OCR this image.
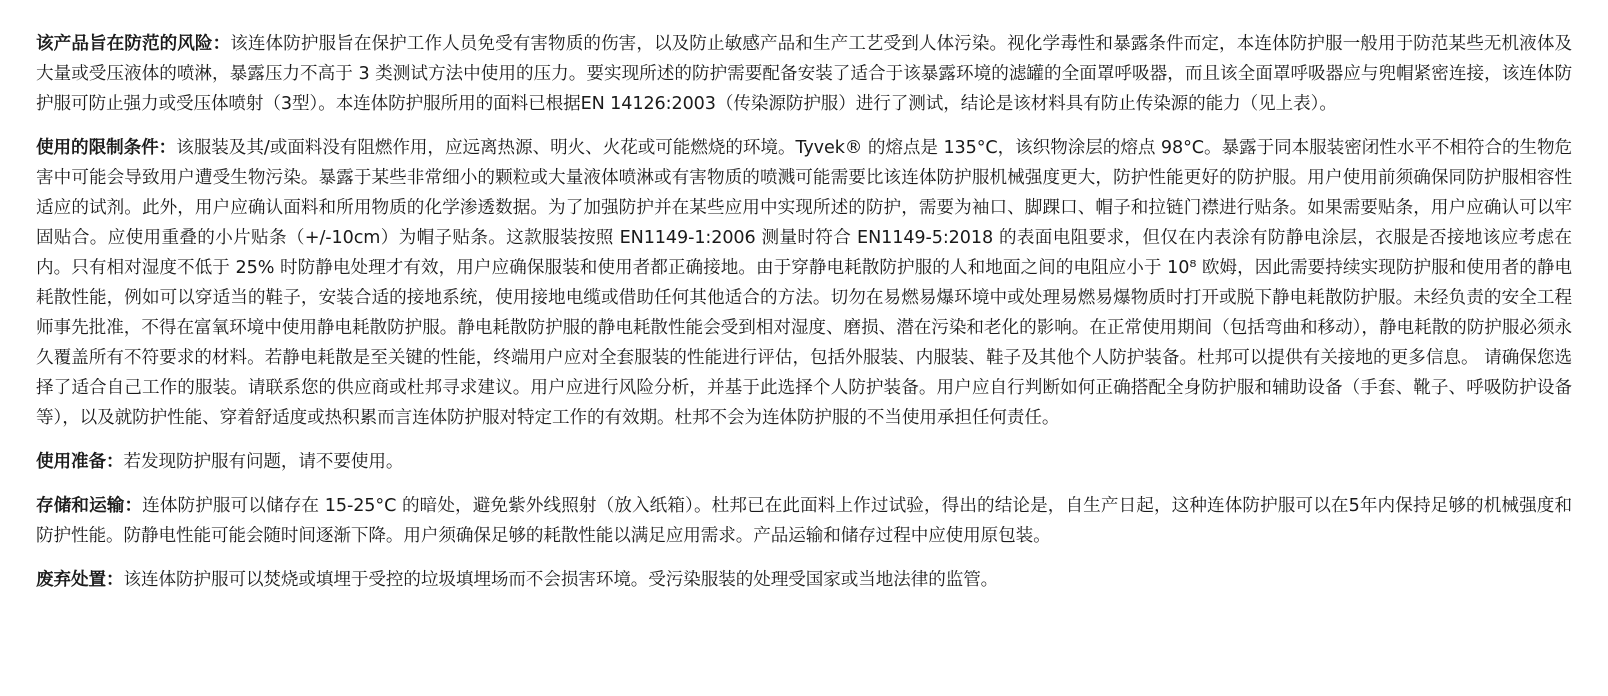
该产品旨在防范的风险：该连体防护服旨在保护工作人员免受有害物质的伤害，以及防止敏感产品和生产工艺受到人体污染。视化学毒性和暴露条件而定，本连体防护服一般用于防范某些无机液体及大量或受压液体的喷淋，暴露压力不高于 3 类测试方法中使用的压力。要实现所述的防护需要配备安装了适合于该暴露环境的滤罐的全面罩呼吸器，而且该全面罩呼吸器应与兜帽紧密连接，该连体防护服可防止强力或受压体喷射（3型）。本连体防护服所用的面料已根据EN 14126:2003（传染源防护服）进行了测试，结论是该材料具有防止传染源的能力（见上表）。

使用的限制条件：该服装及其/或面料没有阻燃作用，应远离热源、明火、火花或可能燃烧的环境。Tyvek® 的熔点是 135°C，该织物涂层的熔点 98°C。暴露于同本服装密闭性水平不相符合的生物危害中可能会导致用户遭受生物污染。暴露于某些非常细小的颗粒或大量液体喷淋或有害物质的喷溅可能需要比该连体防护服机械强度更大，防护性能更好的防护服。用户使用前须确保同防护服相容性适应的试剂。此外，用户应确认面料和所用物质的化学渗透数据。为了加强防护并在某些应用中实现所述的防护，需要为袖口、脚踝口、帽子和拉链门襟进行贴条。如果需要贴条，用户应确认可以牢固贴合。应使用重叠的小片贴条（+/-10cm）为帽子贴条。这款服装按照 EN1149-1:2006 测量时符合 EN1149-5:2018 的表面电阻要求，但仅在内表涂有防静电涂层，衣服是否接地该应考虑在内。只有相对湿度不低于 25% 时防静电处理才有效，用户应确保服装和使用者都正确接地。由于穿静电耗散防护服的人和地面之间的电阻应小于 10⁸ 欧姆，因此需要持续实现防护服和使用者的静电耗散性能，例如可以穿适当的鞋子，安装合适的接地系统，使用接地电缆或借助任何其他适合的方法。切勿在易燃易爆环境中或处理易燃易爆物质时打开或脱下静电耗散防护服。未经负责的安全工程师事先批准，不得在富氧环境中使用静电耗散防护服。静电耗散防护服的静电耗散性能会受到相对湿度、磨损、潜在污染和老化的影响。在正常使用期间（包括弯曲和移动），静电耗散的防护服必须永久覆盖所有不符要求的材料。若静电耗散是至关键的性能，终端用户应对全套服装的性能进行评估，包括外服装、内服装、鞋子及其他个人防护装备。杜邦可以提供有关接地的更多信息。 请确保您选择了适合自己工作的服装。请联系您的供应商或杜邦寻求建议。用户应进行风险分析，并基于此选择个人防护装备。用户应自行判断如何正确搭配全身防护服和辅助设备（手套、靴子、呼吸防护设备等），以及就防护性能、穿着舒适度或热积累而言连体防护服对特定工作的有效期。杜邦不会为连体防护服的不当使用承担任何责任。

使用准备：若发现防护服有问题，请不要使用。

存储和运输：连体防护服可以储存在 15-25°C 的暗处，避免紫外线照射（放入纸箱）。杜邦已在此面料上作过试验，得出的结论是，自生产日起，这种连体防护服可以在5年内保持足够的机械强度和防护性能。防静电性能可能会随时间逐渐下降。用户须确保足够的耗散性能以满足应用需求。产品运输和储存过程中应使用原包装。

废弃处置：该连体防护服可以焚烧或填埋于受控的垃圾填埋场而不会损害环境。受污染服装的处理受国家或当地法律的监管。
